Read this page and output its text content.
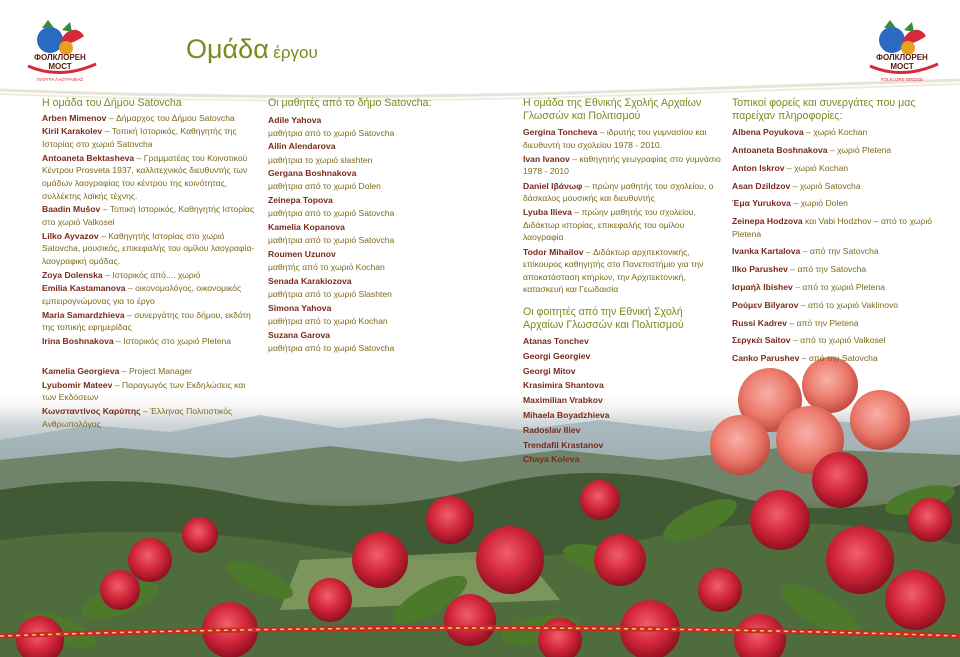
ФОЛКЛОРЕН
МОСТ
ΓΕΦΥΡΑ ΛΑΟΓΡΑΦΙΑΣ
ФОЛКЛОРЕН
МОСТ
FOLKLORE BRIDGE
Ομάδα έργου
Η ομάδα του Δήμου Satovcha

Arben Mimenov – Δήμαρχος του Δήμου Satovcha

Kiril Karakolev – Τοπική Ιστορικός, Καθηγητής της Ιστορίας στο χωριό Satovcha

Antoaneta Bektasheva – Γραμματέας του Κοινοτικού Κέντρου Prosveta 1937, καλλιτεχνικός διευθυντής των ομάδων λαογραφίας του κέντρου της κοινότητας, συλλέκτης λαϊκής τέχνης.

Baadin Mušov – Τοπική Ιστορικός, Καθηγητής Ιστορίας στο χωριό Valkosel

Lilko Ayvazov – Καθηγητής Ιστορίας στο χωριό Satovcha, μουσικός, επικεφαλής του ομίλου λαογραφία- λαογραφική ομάδας.

Zoya Dolenska – Ιστορικός από.... χωριό

Emilia Kastamanova – οικονομολόγος, οικονομικός εμπειρογνώμονας για το έργο

Maria Samardzhieva – συνεργάτης του δήμου, εκδότη της τοπικής εφημερίδας

Irina Boshnakova – Ιστορικός στο χωριό Pletena

Kamelia Georgieva – Project Manager

Lyubomir Mateev – Παραγωγός των Εκδηλώσεις και των Εκδόσεων

Κωνσταντίνος Καρύπης – Έλληνας Πολιτιστικός Ανθρωπολόγος

Οι μαθητές από το δήμο Satovcha:
Adile Yahova

μαθήτρια από το χωριό Satovcha

Ailin Alendarova

μαθήτρια το χωριό slashten

Gergana Boshnakova

μαθήτρια από το χωριό Dolen

Zeinepa Topova

μαθήτρια από το χωριό Satovcha

Kamelia Kopanova

μαθήτρια από το χωριό Satovcha

Roumen Uzunov

μαθητής από το χωριό Kochan

Senada Karakiozova

μαθήτρια από το χωριό Slashten

Simona Yahova

μαθήτρια από το χωριό Kochan

Suzana Garova

μαθήτρια από το χωριό Satovcha

Η ομάδα της Εθνικής Σχολής Αρχαίων Γλωσσών και Πολιτισμού

Gergina Toncheva – ιδρυτής του γυμνασίου και διευθυντή του σχολείου 1978 - 2010.

Ivan Ivanov – καθηγητής γεωγραφίας στο γυμνάσιο 1978 - 2010

Daniel Ιβάνωφ – πρώην μαθητής του σχολείου, ο δάσκαλος μουσικής και διευθυντής

Lyuba Ilieva – πρώην μαθητής του σχολείου, Διδάκτωρ ιστορίας, επικεφαλής του ομίλου λαογραφία

Todor Mihailov – Διδάκτωρ αρχιτεκτονικής, επίκουρος καθηγητής στο Πανεπιστήμιο για την αποκατάσταση κτηρίων, την Αρχιτεκτονική, κατασκευή και Γεωδαισία

Οι φοιτητές από την Εθνική Σχολή Αρχαίων Γλωσσών και Πολιτισμού
Atanas Tonchev
Georgi Georgiev
Georgi Mitov
Krasimira Shantova
Maximilian Vrabkov
Mihaela Boyadzhieva
Radoslav Iliev
Trendafil Krastanov
Chaya Koleva
Τοπικοί φορείς και συνεργάτες που μας παρείχαν πληροφορίες:

Albena Poyukova – χωριό Kochan

Antoaneta Boshnakova – χωριό Pletena

Anton Iskrov – χωριό Kochan

Asan Dzildzov – χωριό Satovcha

Έμα Yurukova – χωριό Dolen

Zeinepa Hodzova και Vabi Hodzhov – από το χωριό Pletena

Ivanka Kartalova – από την Satovcha

Ilko Parushev – από την Satovcha

Ισμαήλ Ibishev – από το χωριό Pletena

Ρούμεν Bilyarov – από το χωριό Vaklinovo

Russi Kadrev – από την Pletena

Σεργκέι Saitov – από το χωριό Valkosel

Canko Parushev – από την Satovcha
